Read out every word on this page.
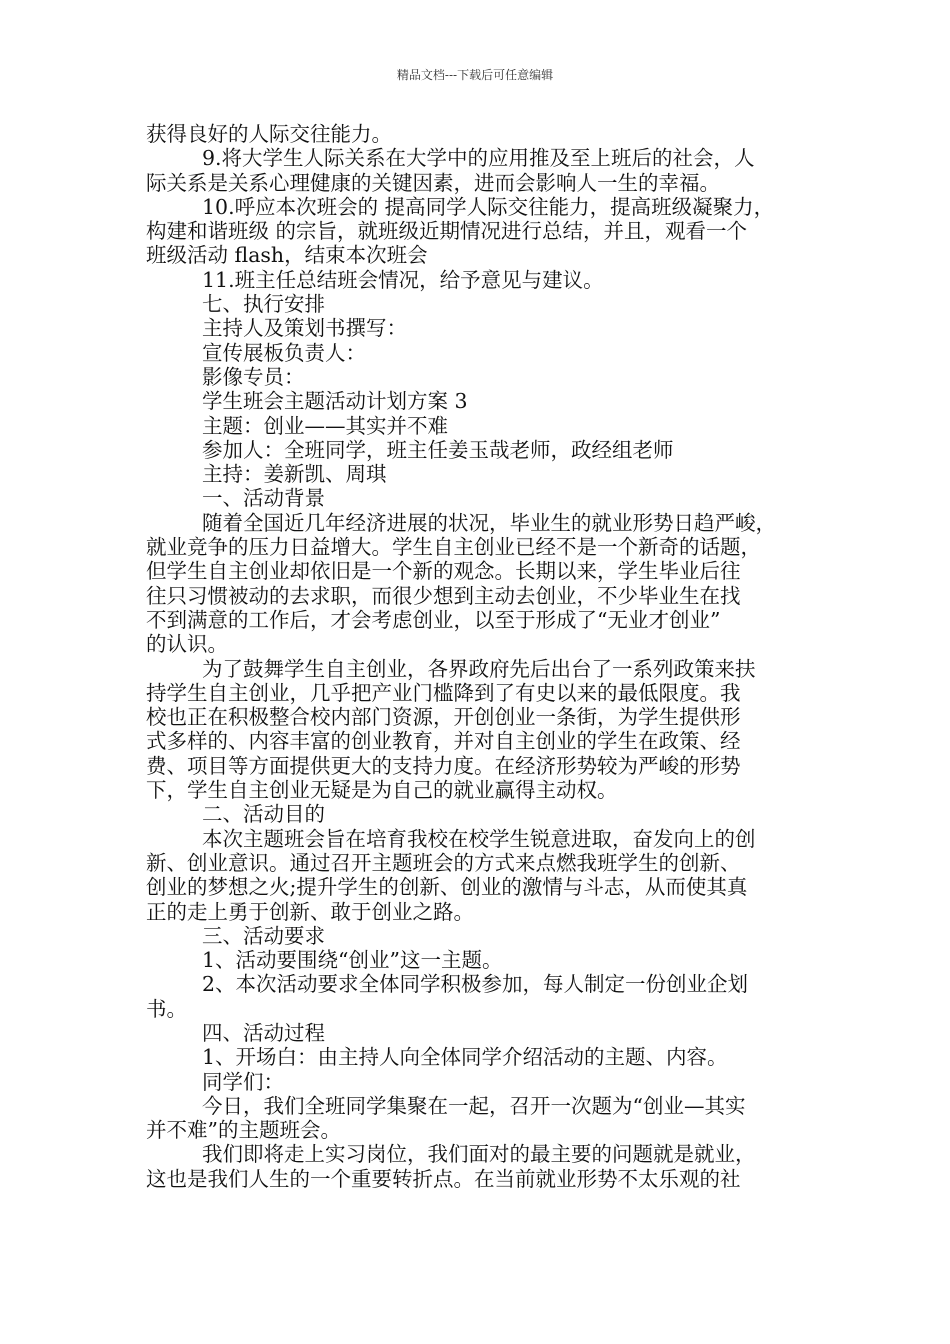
精品文档---下载后可任意编辑
获得良好的人际交往能力。
9.将大学生人际关系在大学中的应用推及至上班后的社会，人
际关系是关系心理健康的关键因素，进而会影响人一生的幸福。
10.呼应本次班会的 提高同学人际交往能力，提高班级凝聚力，
构建和谐班级 的宗旨，就班级近期情况进行总结，并且，观看一个
班级活动 flash，结束本次班会
11.班主任总结班会情况，给予意见与建议。
七、执行安排
主持人及策划书撰写：
宣传展板负责人：
影像专员：
学生班会主题活动计划方案 3
主题：创业——其实并不难
参加人：全班同学，班主任姜玉哉老师，政经组老师
主持：姜新凯、周琪
一、活动背景
随着全国近几年经济进展的状况，毕业生的就业形势日趋严峻，
就业竞争的压力日益增大。学生自主创业已经不是一个新奇的话题，
但学生自主创业却依旧是一个新的观念。长期以来，学生毕业后往
往只习惯被动的去求职，而很少想到主动去创业，不少毕业生在找
不到满意的工作后，才会考虑创业，以至于形成了“无业才创业”
的认识。
为了鼓舞学生自主创业，各界政府先后出台了一系列政策来扶
持学生自主创业，几乎把产业门槛降到了有史以来的最低限度。我
校也正在积极整合校内部门资源，开创创业一条街，为学生提供形
式多样的、内容丰富的创业教育，并对自主创业的学生在政策、经
费、项目等方面提供更大的支持力度。在经济形势较为严峻的形势
下，学生自主创业无疑是为自己的就业赢得主动权。
二、活动目的
本次主题班会旨在培育我校在校学生锐意进取，奋发向上的创
新、创业意识。通过召开主题班会的方式来点燃我班学生的创新、
创业的梦想之火;提升学生的创新、创业的激情与斗志，从而使其真
正的走上勇于创新、敢于创业之路。
三、活动要求
1、活动要围绕“创业”这一主题。
2、本次活动要求全体同学积极参加，每人制定一份创业企划
书。
四、活动过程
1、开场白：由主持人向全体同学介绍活动的主题、内容。
同学们：
今日，我们全班同学集聚在一起，召开一次题为“创业—其实
并不难”的主题班会。
我们即将走上实习岗位，我们面对的最主要的问题就是就业，
这也是我们人生的一个重要转折点。在当前就业形势不太乐观的社
